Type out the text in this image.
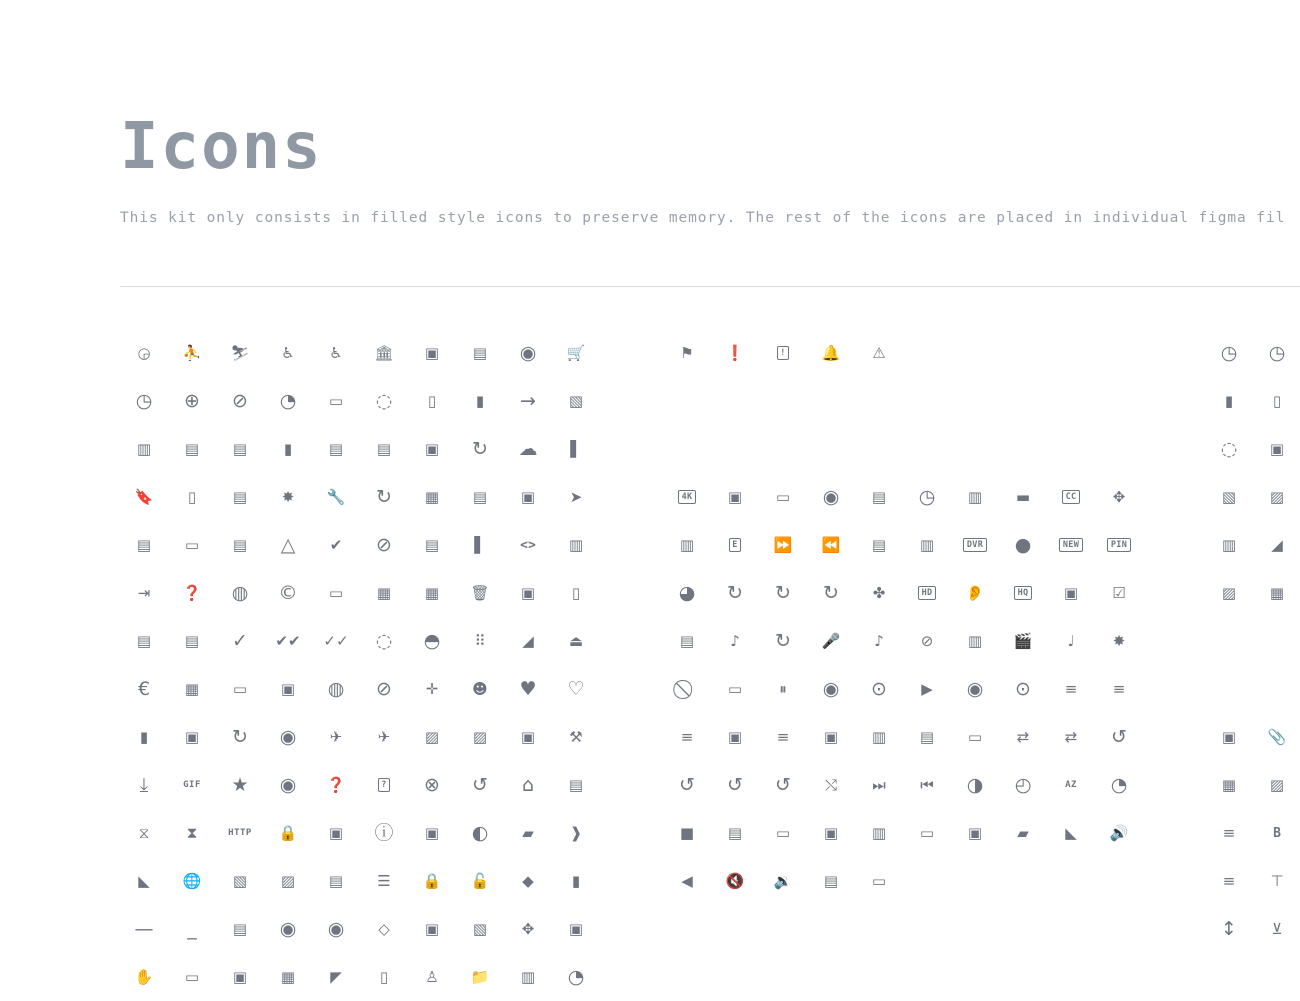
Icons

This kit only consists in filled style icons to preserve memory. The rest of the icons are placed in individual figma fil

◶ ⛹ ⛷ ♿ ♿ 🏛 ▣ ▤ ◉ 🛒
◷ ⊕ ⊘ ◔ ▭ ◌ ▯	▮ → ▧
▥ ▤ ▤ ▮ ▤ ▤ ▣ ↻ ☁ ▌
🔖 ▯ ▤ ✸ 🔧 ↻ ▦ ▤ ▣ ➤
▤ ▭ ▤ △ ✔ ⊘ ▤ ▌	<> ▥
⇥ ❓ ◍ © ▭ ▦ ▦ 🗑 ▣ ▯
▤ ▤ ✓ ✔✔ ✓✓ ◌ ◓ ⠿ ◢ ⏏
€ ▦ ▭ ▣ ◍ ⊘ ✛ ☻ ♥ ♡
▮ ▣ ↻ ◉ ✈ ✈ ▨ ▨ ▣ ⚒
⤓	GIF ★ ◉ ❓	? ⊗ ↺ ⌂ ▤
⧖ ⧗	HTTP 🔒 ▣ ⓘ ▣ ◐ ▰ ❱
◣ 🌐 ▧ ▨ ▤ ☰ 🔒 🔓 ◆	▮
— _ ▤ ◉ ◉ ◇ ▣ ▧ ✥ ▣
✋ ▭ ▣ ▦ ◤	▯ ♙ 📁 ▥ ◔
⚑ ❗	! 🔔 ⚠
4K ▣ ▭ ◉ ▤ ◷ ▥ ▬	CC ✥
▥	E ⏩ ⏪ ▤ ▥	DVR ●	NEW	PIN
◕ ↻ ↻ ↻ ✤	HD 👂	HQ ▣ ☑
▤ ♪ ↻ 🎤 ♪ ⊘ ▥ 🎬 ♩	✸
▭ ⏸ ◉ ⊙ ▶ ◉ ⊙ ≡ ≡
≡ ▣ ≡ ▣ ▥ ▤ ▭ ⇄ ⇄ ↺
↺ ↺ ↺ ⤭ ⏭ ⏮ ◑ ◴	AZ ◔
■ ▤ ▭ ▣ ▥ ▭ ▣ ▰ ◣ 🔊
◀ 🔇 🔉 ▤ ▭
◷ ◷
▮	▯
◌ ▣
▧ ▨
▥ ◢
▨ ▦
▣ 📎
▦ ▨
≡	B
≡ ⊤
↕ ⊻
